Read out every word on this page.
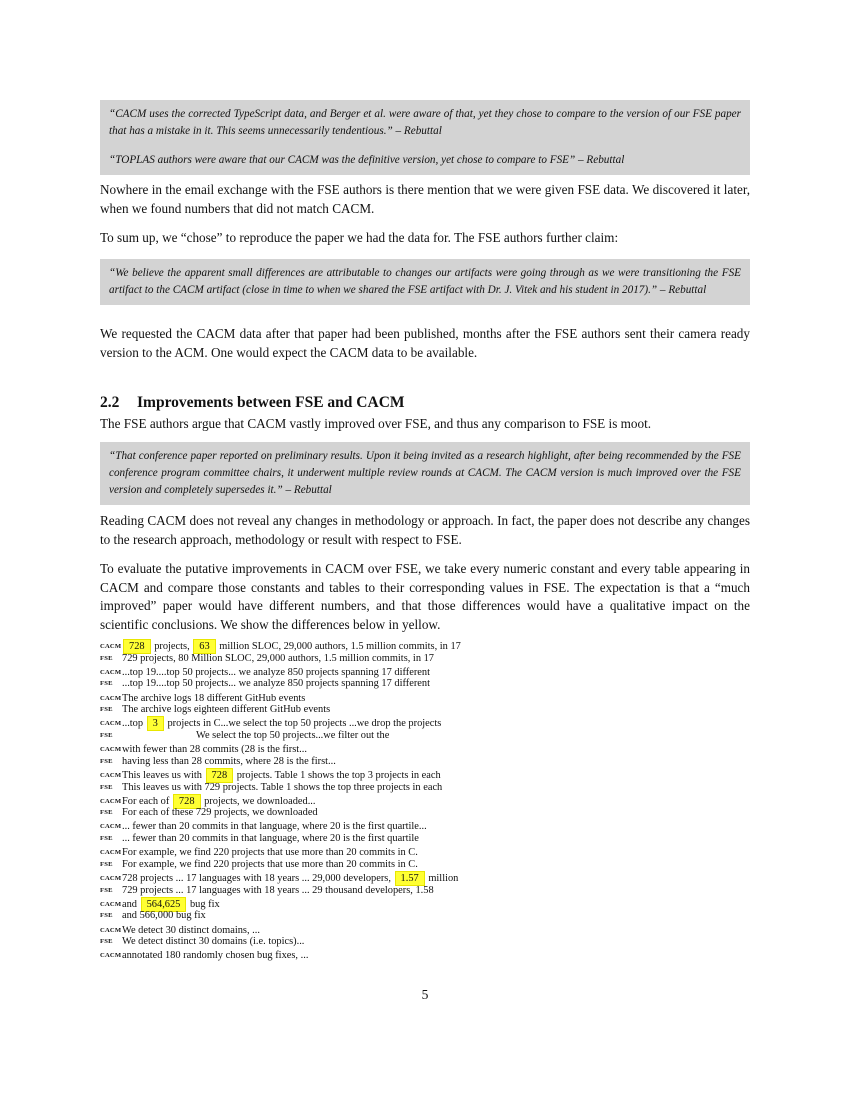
“CACM uses the corrected TypeScript data, and Berger et al. were aware of that, yet they chose to compare to the version of our FSE paper that has a mistake in it. This seems unnecessarily tendentious.” – Rebuttal
“TOPLAS authors were aware that our CACM was the definitive version, yet chose to compare to FSE” – Rebuttal

Nowhere in the email exchange with the FSE authors is there mention that we were given FSE data. We discovered it later, when we found numbers that did not match CACM.

To sum up, we “chose” to reproduce the paper we had the data for. The FSE authors further claim:

“We believe the apparent small differences are attributable to changes our artifacts were going through as we were transitioning the FSE artifact to the CACM artifact (close in time to when we shared the FSE artifact with Dr. J. Vitek and his student in 2017).” – Rebuttal

We requested the CACM data after that paper had been published, months after the FSE authors sent their camera ready version to the ACM. One would expect the CACM data to be available.

2.2 Improvements between FSE and CACM

The FSE authors argue that CACM vastly improved over FSE, and thus any comparison to FSE is moot.

“That conference paper reported on preliminary results. Upon it being invited as a research highlight, after being recommended by the FSE conference program committee chairs, it underwent multiple review rounds at CACM. The CACM version is much improved over the FSE version and completely supersedes it.” – Rebuttal

Reading CACM does not reveal any changes in methodology or approach. In fact, the paper does not describe any changes to the research approach, methodology or result with respect to FSE.

To evaluate the putative improvements in CACM over FSE, we take every numeric constant and every table appearing in CACM and compare those constants and tables to their corresponding values in FSE. The expectation is that a “much improved” paper would have different numbers, and that those differences would have a qualitative impact on the scientific conclusions. We show the differences below in yellow.

CACM 728 projects, 63 million SLOC, 29,000 authors, 1.5 million commits, in 17
FSE 729 projects, 80 Million SLOC, 29,000 authors, 1.5 million commits, in 17
CACM...top 19....top 50 projects... we analyze 850 projects spanning 17 different
FSE ...top 19....top 50 projects... we analyze 850 projects spanning 17 different
CACMThe archive logs 18 different GitHub events
FSE The archive logs eighteen different GitHub events
CACM...top 3 projects in C...we select the top 50 projects ...we drop the projects
FSE	We select the top 50 projects...we filter out the
CACMwith fewer than 28 commits (28 is the first...
FSE having less than 28 commits, where 28 is the first...
CACMThis leaves us with 728 projects. Table 1 shows the top 3 projects in each
FSE This leaves us with 729 projects. Table 1 shows the top three projects in each
CACMFor each of 728 projects, we downloaded...
FSE For each of these 729 projects, we downloaded
CACM... fewer than 20 commits in that language, where 20 is the first quartile...
FSE ... fewer than 20 commits in that language, where 20 is the first quartile
CACMFor example, we find 220 projects that use more than 20 commits in C.
FSE For example, we find 220 projects that use more than 20 commits in C.
CACM728 projects ... 17 languages with 18 years ... 29,000 developers, 1.57 million
FSE 729 projects ... 17 languages with 18 years ... 29 thousand developers, 1.58
CACMand 564,625 bug fix
FSE and 566,000 bug fix
CACMWe detect 30 distinct domains, ...
FSE We detect distinct 30 domains (i.e. topics)...
CACMannotated 180 randomly chosen bug fixes, ...
5
